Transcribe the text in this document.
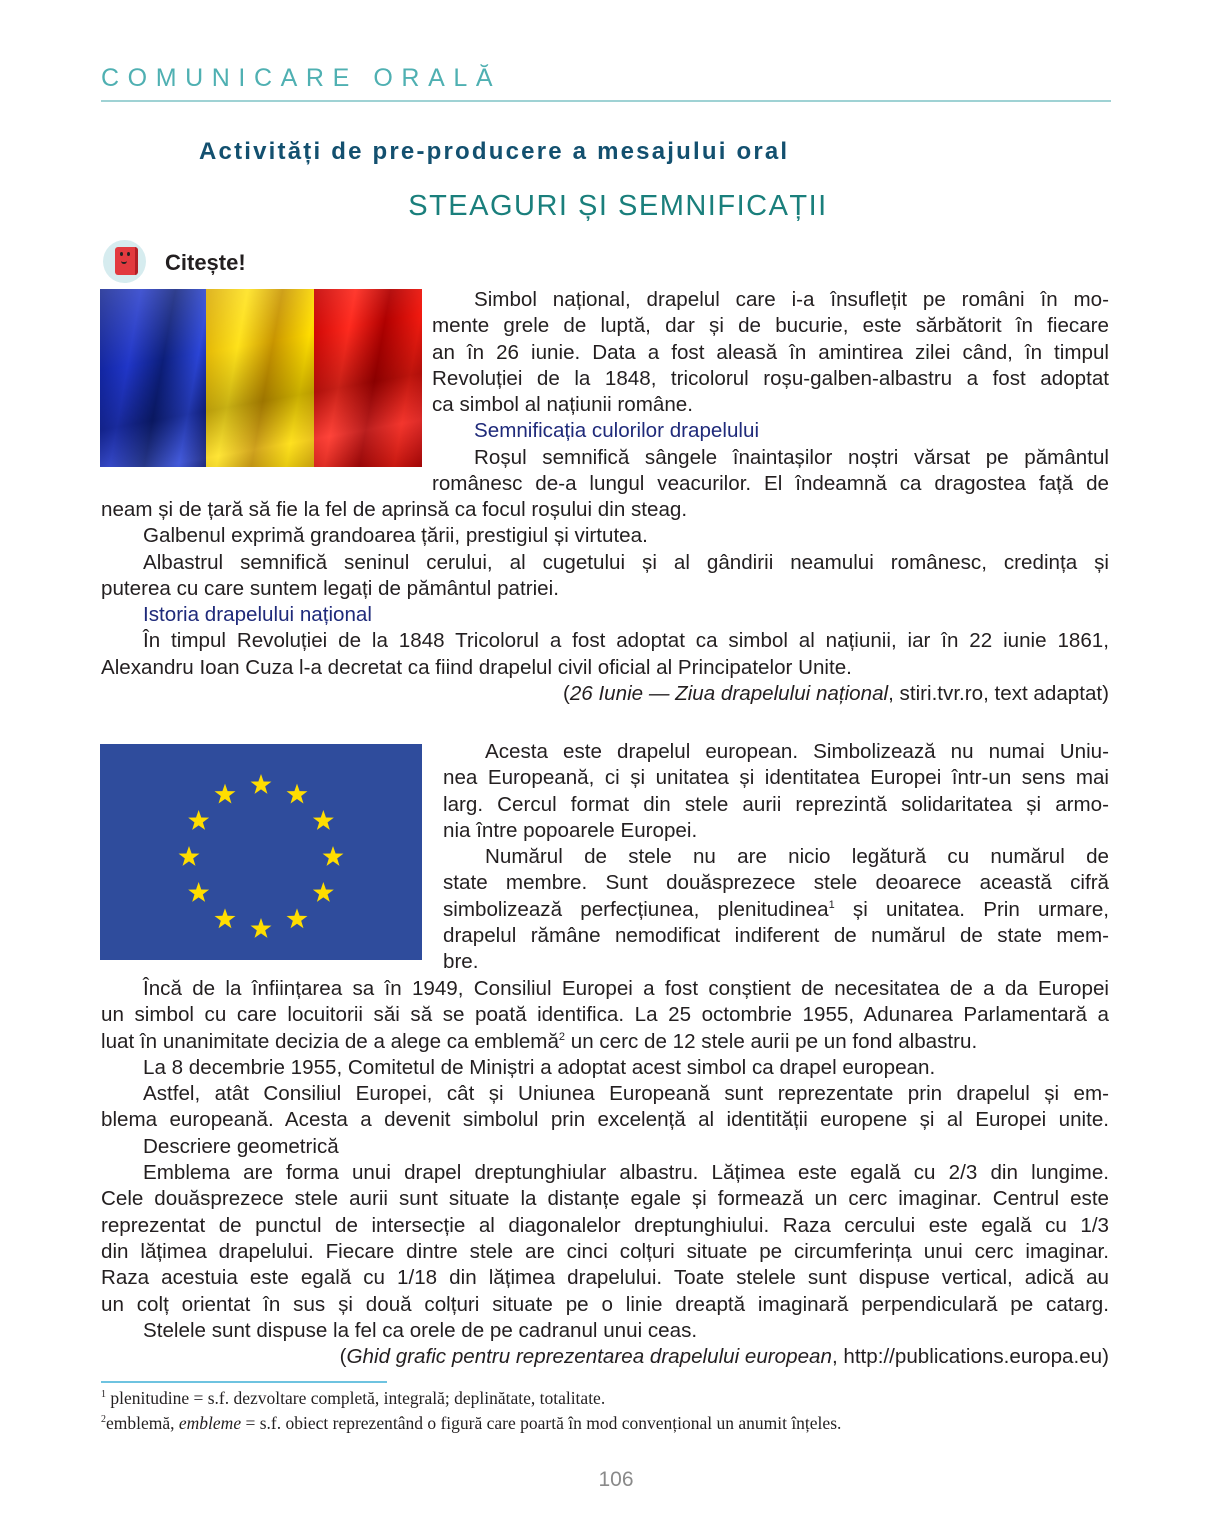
COMUNICARE ORALĂ
Activități de pre-producere a mesajului oral
STEAGURI ȘI SEMNIFICAȚII
Citește!
Simbol național, drapelul care i-a însuflețit pe români în mo-
mente grele de luptă, dar și de bucurie, este sărbătorit în fiecare
an în 26 iunie. Data a fost aleasă în amintirea zilei când, în timpul
Revoluției de la 1848, tricolorul roșu-galben-albastru a fost adoptat
ca simbol al națiunii române.
Semnificația culorilor drapelului
Roșul semnifică sângele înaintașilor noștri vărsat pe pământul
românesc de-a lungul veacurilor. El îndeamnă ca dragostea față de
neam și de țară să fie la fel de aprinsă ca focul roșului din steag.
Galbenul exprimă grandoarea țării, prestigiul și virtutea.
Albastrul semnifică seninul cerului, al cugetului și al gândirii neamului românesc, credința și
puterea cu care suntem legați de pământul patriei.
Istoria drapelului național
În timpul Revoluției de la 1848 Tricolorul a fost adoptat ca simbol al națiunii, iar în 22 iunie 1861,
Alexandru Ioan Cuza l-a decretat ca fiind drapelul civil oficial al Principatelor Unite.
(26 Iunie — Ziua drapelului național, stiri.tvr.ro, text adaptat)
Acesta este drapelul european. Simbolizează nu numai Uniu-
nea Europeană, ci și unitatea și identitatea Europei într-un sens mai
larg. Cercul format din stele aurii reprezintă solidaritatea și armo-
nia între popoarele Europei.
Numărul de stele nu are nicio legătură cu numărul de
state membre. Sunt douăsprezece stele deoarece această cifră
simbolizează perfecțiunea, plenitudinea$^1$ și unitatea. Prin urmare,
drapelul rămâne nemodificat indiferent de numărul de state mem-
bre.
Încă de la înființarea sa în 1949, Consiliul Europei a fost conștient de necesitatea de a da Europei
un simbol cu care locuitorii săi să se poată identifica. La 25 octombrie 1955, Adunarea Parlamentară a
luat în unanimitate decizia de a alege ca emblemă$^2$ un cerc de 12 stele aurii pe un fond albastru.
La 8 decembrie 1955, Comitetul de Miniștri a adoptat acest simbol ca drapel european.
Astfel, atât Consiliul Europei, cât și Uniunea Europeană sunt reprezentate prin drapelul și em-
blema europeană. Acesta a devenit simbolul prin excelență al identității europene și al Europei unite.
Descriere geometrică
Emblema are forma unui drapel dreptunghiular albastru. Lățimea este egală cu 2/3 din lungime.
Cele douăsprezece stele aurii sunt situate la distanțe egale și formează un cerc imaginar. Centrul este
reprezentat de punctul de intersecție al diagonalelor dreptunghiului. Raza cercului este egală cu 1/3
din lățimea drapelului. Fiecare dintre stele are cinci colțuri situate pe circumferința unui cerc imaginar.
Raza acestuia este egală cu 1/18 din lățimea drapelului. Toate stelele sunt dispuse vertical, adică au
un colț orientat în sus și două colțuri situate pe o linie dreaptă imaginară perpendiculară pe catarg.
Stelele sunt dispuse la fel ca orele de pe cadranul unui ceas.
(Ghid grafic pentru reprezentarea drapelului european, http://publications.europa.eu)
$^1$ plenitudine = s.f. dezvoltare completă, integrală; deplinătate, totalitate.
$^2$emblemă, embleme = s.f. obiect reprezentând o figură care poartă în mod convențional un anumit înțeles.
106
